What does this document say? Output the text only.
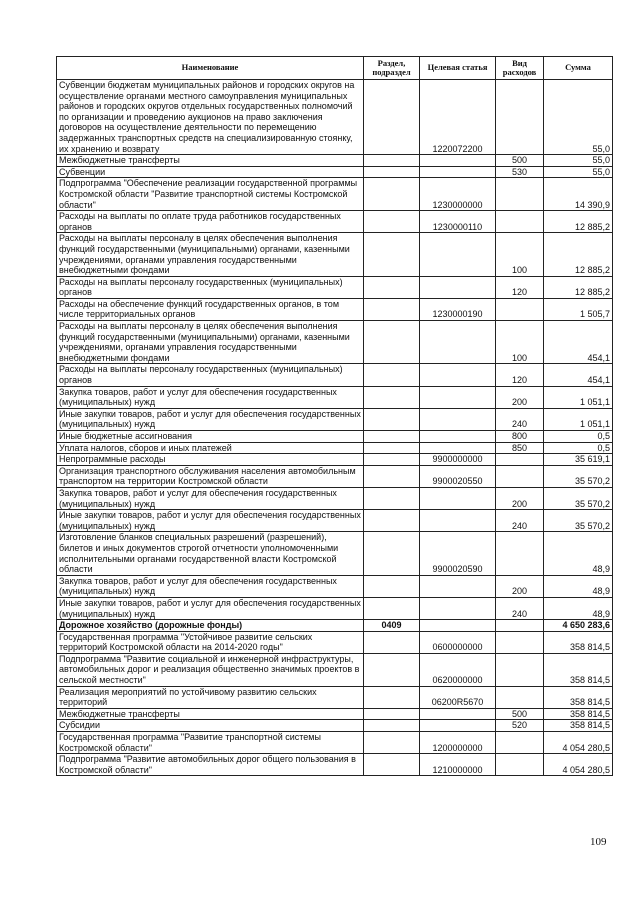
Наименование	Раздел, подраздел	Целевая статья	Вид расходов	Сумма
Субвенции бюджетам муниципальных районов и городских округов на осуществление органами местного самоуправления муниципальных районов и городских округов отдельных государственных полномочий по организации и проведению аукционов на право заключения договоров на осуществление деятельности по перемещению задержанных транспортных средств на специализированную стоянку, их хранению и возврату		1220072200		55,0
Межбюджетные трансферты			500	55,0
Субвенции			530	55,0
Подпрограмма "Обеспечение реализации государственной программы Костромской области "Развитие транспортной системы Костромской области"		1230000000		14 390,9
Расходы на выплаты по оплате труда работников государственных органов		1230000110		12 885,2
Расходы на выплаты персоналу в целях обеспечения выполнения функций государственными (муниципальными) органами, казенными учреждениями, органами управления государственными внебюджетными фондами			100	12 885,2
Расходы на выплаты персоналу государственных (муниципальных) органов			120	12 885,2
Расходы на обеспечение функций государственных органов, в том числе территориальных органов		1230000190		1 505,7
Расходы на выплаты персоналу в целях обеспечения выполнения функций государственными (муниципальными) органами, казенными учреждениями, органами управления государственными внебюджетными фондами			100	454,1
Расходы на выплаты персоналу государственных (муниципальных) органов			120	454,1
Закупка товаров, работ и услуг для обеспечения государственных (муниципальных) нужд			200	1 051,1
Иные закупки товаров, работ и услуг для обеспечения государственных (муниципальных) нужд			240	1 051,1
Иные бюджетные ассигнования			800	0,5
Уплата налогов, сборов и иных платежей			850	0,5
Непрограммные расходы		9900000000		35 619,1
Организация транспортного обслуживания населения автомобильным транспортом на территории Костромской области		9900020550		35 570,2
Закупка товаров, работ и услуг для обеспечения государственных (муниципальных) нужд			200	35 570,2
Иные закупки товаров, работ и услуг для обеспечения государственных (муниципальных) нужд			240	35 570,2
Изготовление бланков специальных разрешений (разрешений), билетов и иных документов строгой отчетности уполномоченными исполнительными органами государственной власти Костромской области		9900020590		48,9
Закупка товаров, работ и услуг для обеспечения государственных (муниципальных) нужд			200	48,9
Иные закупки товаров, работ и услуг для обеспечения государственных (муниципальных) нужд			240	48,9
Дорожное хозяйство (дорожные фонды)	0409			4 650 283,6
Государственная программа "Устойчивое развитие сельских территорий Костромской области на 2014-2020 годы"		0600000000		358 814,5
Подпрограмма "Развитие социальной и инженерной инфраструктуры, автомобильных дорог и реализация общественно значимых проектов в сельской местности"		0620000000		358 814,5
Реализация мероприятий по устойчивому развитию сельских территорий		06200R5670		358 814,5
Межбюджетные трансферты			500	358 814,5
Субсидии			520	358 814,5
Государственная программа "Развитие транспортной системы Костромской области"		1200000000		4 054 280,5
Подпрограмма "Развитие автомобильных дорог общего пользования в Костромской области"		1210000000		4 054 280,5
109
